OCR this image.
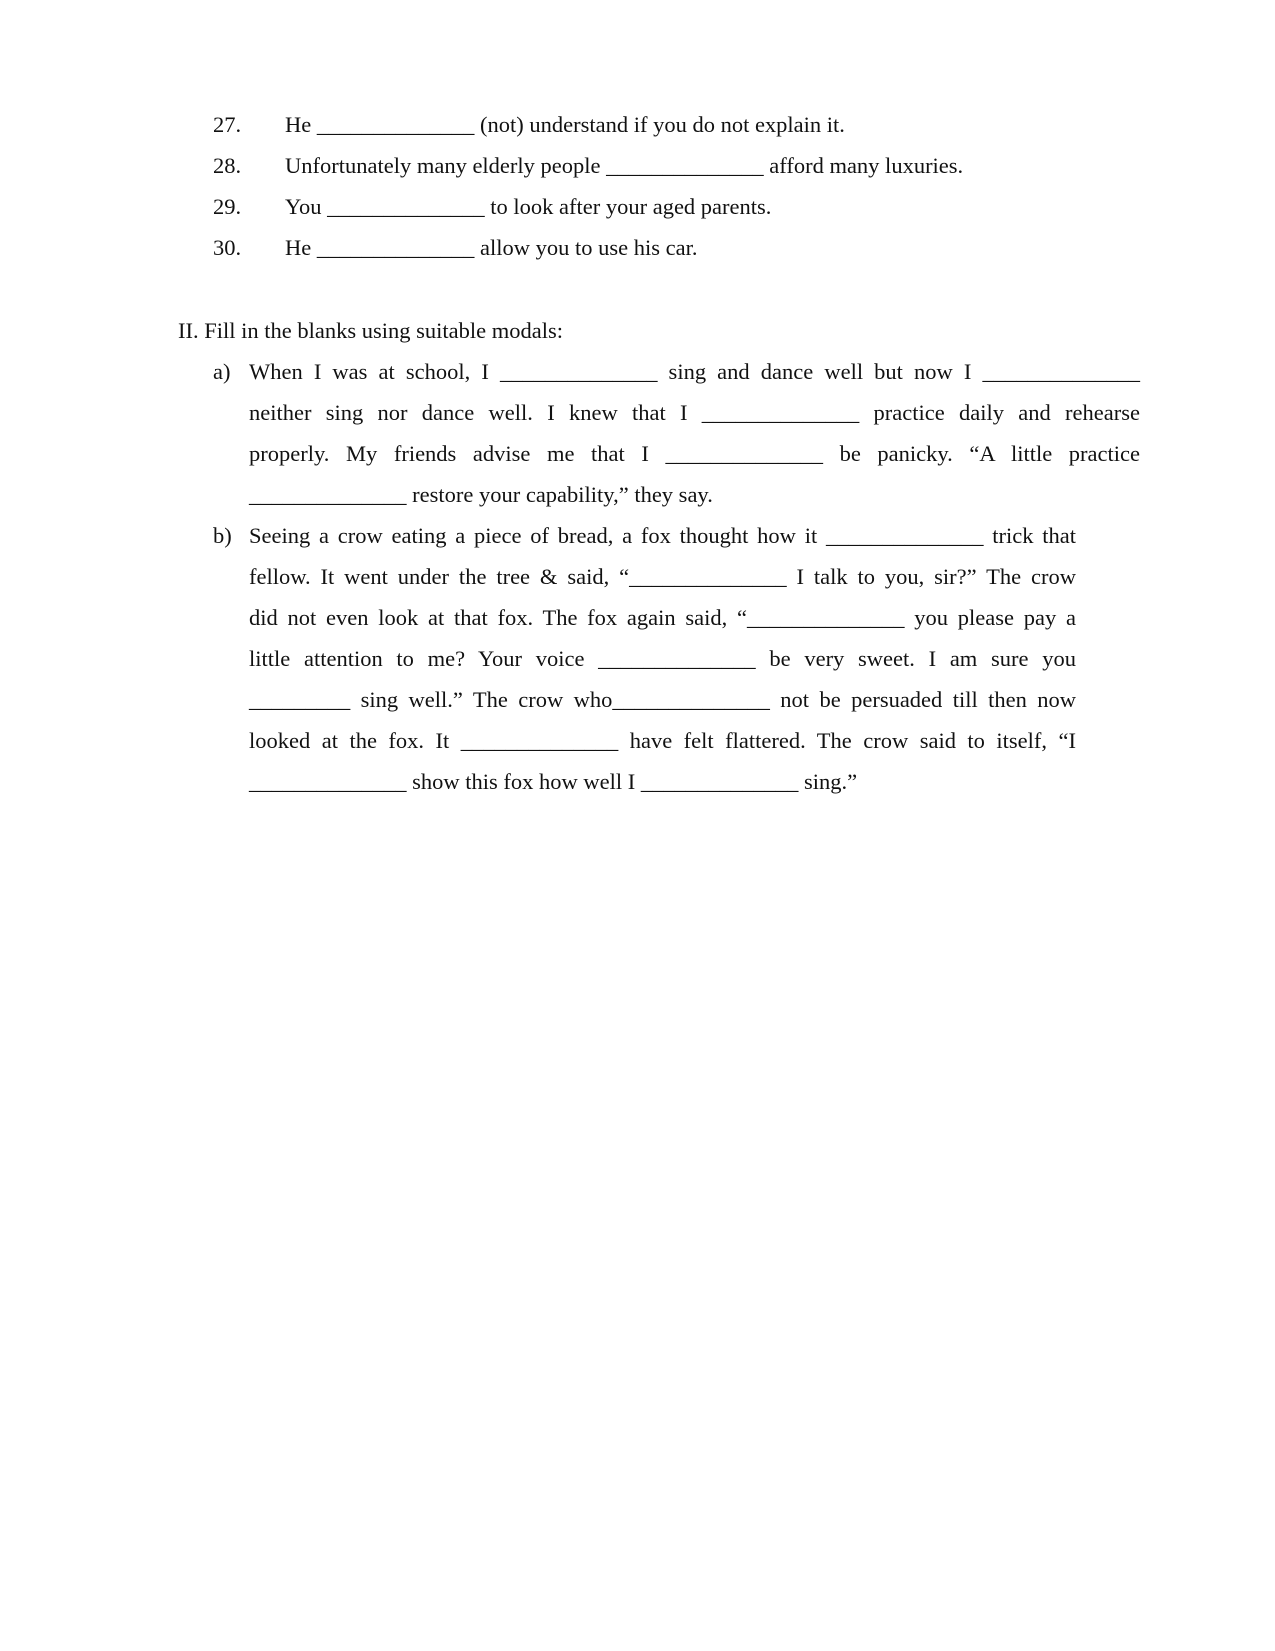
27. He ______________ (not) understand if you do not explain it.
28. Unfortunately many elderly people ______________ afford many luxuries.
29. You ______________ to look after your aged parents.
30. He ______________ allow you to use his car.
II. Fill in the blanks using suitable modals:
a) When I was at school, I ______________ sing and dance well but now I ______________
neither sing nor dance well. I knew that I ______________ practice daily and rehearse
properly. My friends advise me that I ______________ be panicky. “A little practice
______________ restore your capability,” they say.
b) Seeing a crow eating a piece of bread, a fox thought how it ______________ trick that
fellow. It went under the tree & said, “______________ I talk to you, sir?” The crow
did not even look at that fox. The fox again said, “______________ you please pay a
little attention to me? Your voice ______________ be very sweet. I am sure you
_________ sing well.” The crow who______________ not be persuaded till then now
looked at the fox. It ______________ have felt flattered. The crow said to itself, “I
______________ show this fox how well I ______________ sing.”
